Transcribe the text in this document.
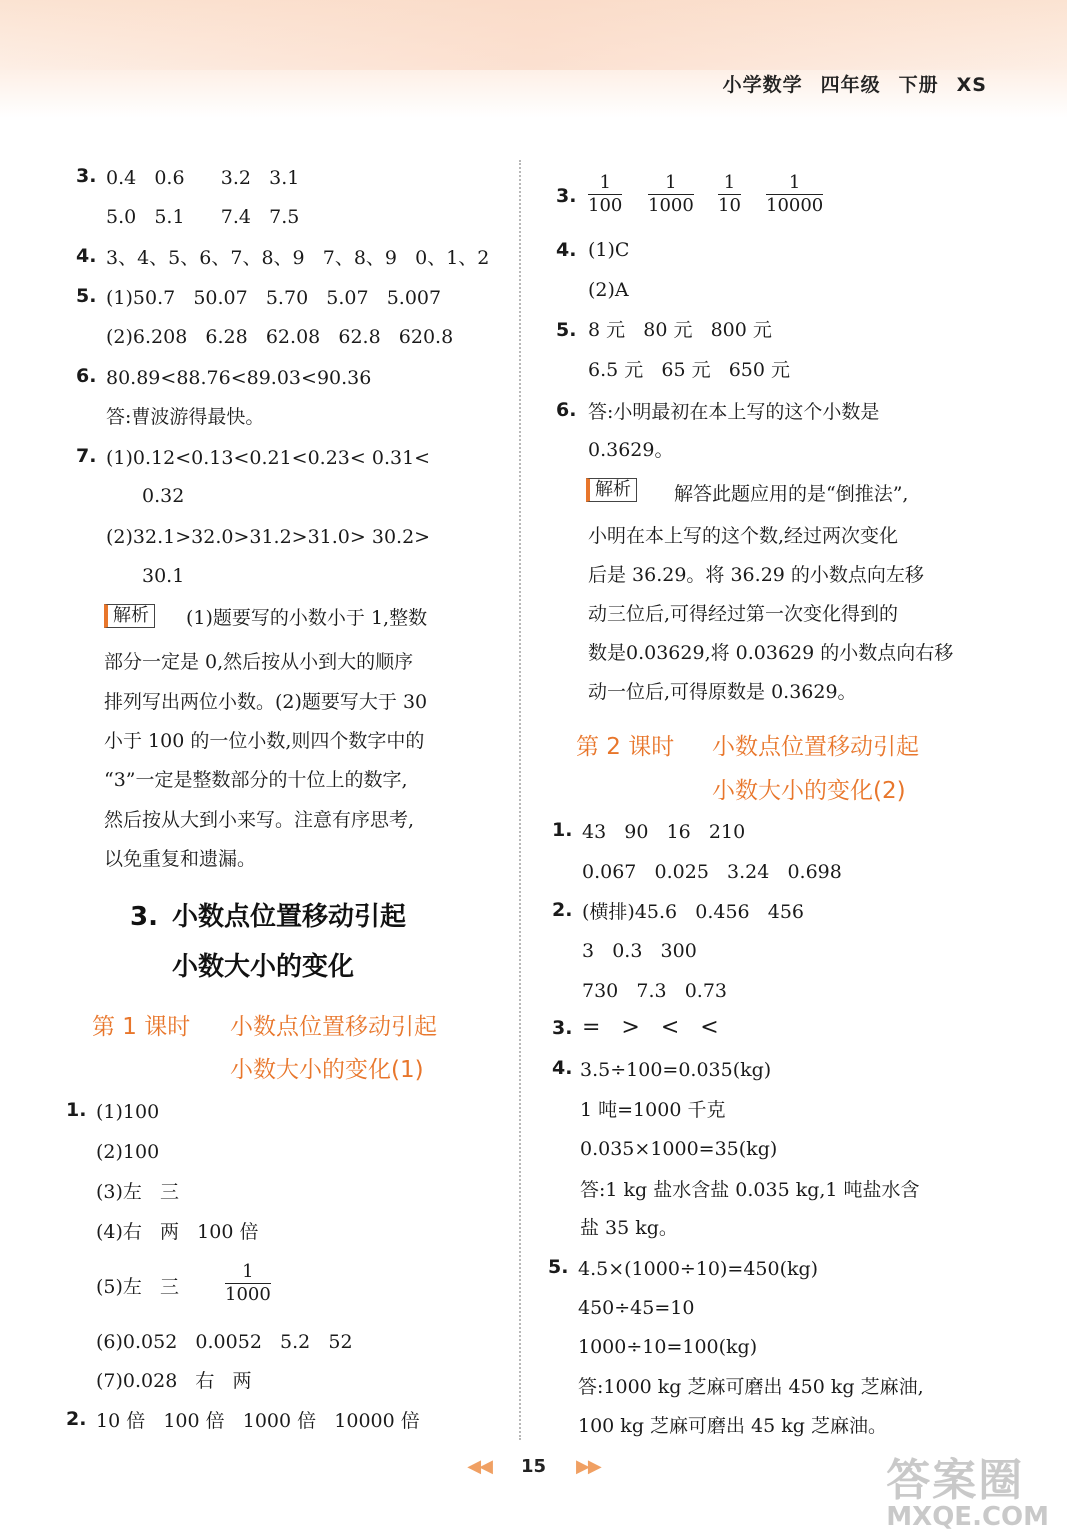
小学数学 四年级 下册 XS
3. 0.4   0.6      3.2   3.1
5.0   5.1      7.4   7.5
4. 3、4、5、6、7、8、9   7、8、9   0、1、2
5. (1)50.7   50.07   5.70   5.07   5.007
(2)6.208   6.28   62.08   62.8   620.8
6. 80.89<88.76<89.03<90.36
答:曹波游得最快。
7. (1)0.12<0.13<0.21<0.23< 0.31<
0.32
(2)32.1>32.0>31.2>31.0> 30.2>
30.1
解析	(1)题要写的小数小于 1,整数
部分一定是 0,然后按从小到大的顺序
排列写出两位小数。(2)题要写大于 30
小于 100 的一位小数,则四个数字中的
“3”一定是整数部分的十位上的数字,
然后按从大到小来写。注意有序思考,
以免重复和遗漏。
3. 小数点位置移动引起
小数大小的变化
第 1 课时 小数点位置移动引起
小数大小的变化(1)
1. (1)100
(2)100
(3)左   三
(4)右   两   100 倍
(5)左   三	$\frac{1}{1000}$
(6)0.052   0.0052   5.2   52
(7)0.028   右   两
2. 10 倍   100 倍   1000 倍   10000 倍
3. $\frac{1}{100} \frac{1}{1000} \frac{1}{10} \frac{1}{10000}$
4. (1)C
(2)A
5. 8 元   80 元   800 元
6.5 元   65 元   650 元
6. 答:小明最初在本上写的这个小数是
0.3629。
解析	解答此题应用的是“倒推法”,
小明在本上写的这个数,经过两次变化
后是 36.29。将 36.29 的小数点向左移
动三位后,可得经过第一次变化得到的
数是0.03629,将 0.03629 的小数点向右移
动一位后,可得原数是 0.3629。
第 2 课时 小数点位置移动引起
小数大小的变化(2)
1. 43   90   16   210
0.067   0.025   3.24   0.698
2. (横排)45.6   0.456   456
3   0.3   300
730   7.3   0.73
3. =   >   <   <
4. 3.5÷100=0.035(kg)
1 吨=1000 千克
0.035×1000=35(kg)
答:1 kg 盐水含盐 0.035 kg,1 吨盐水含
盐 35 kg。
5. 4.5×(1000÷10)=450(kg)
450÷45=10
1000÷10=100(kg)
答:1000 kg 芝麻可磨出 450 kg 芝麻油,
100 kg 芝麻可磨出 45 kg 芝麻油。
◀◀ 15 ▶▶	答案圈
MXQE.COM
